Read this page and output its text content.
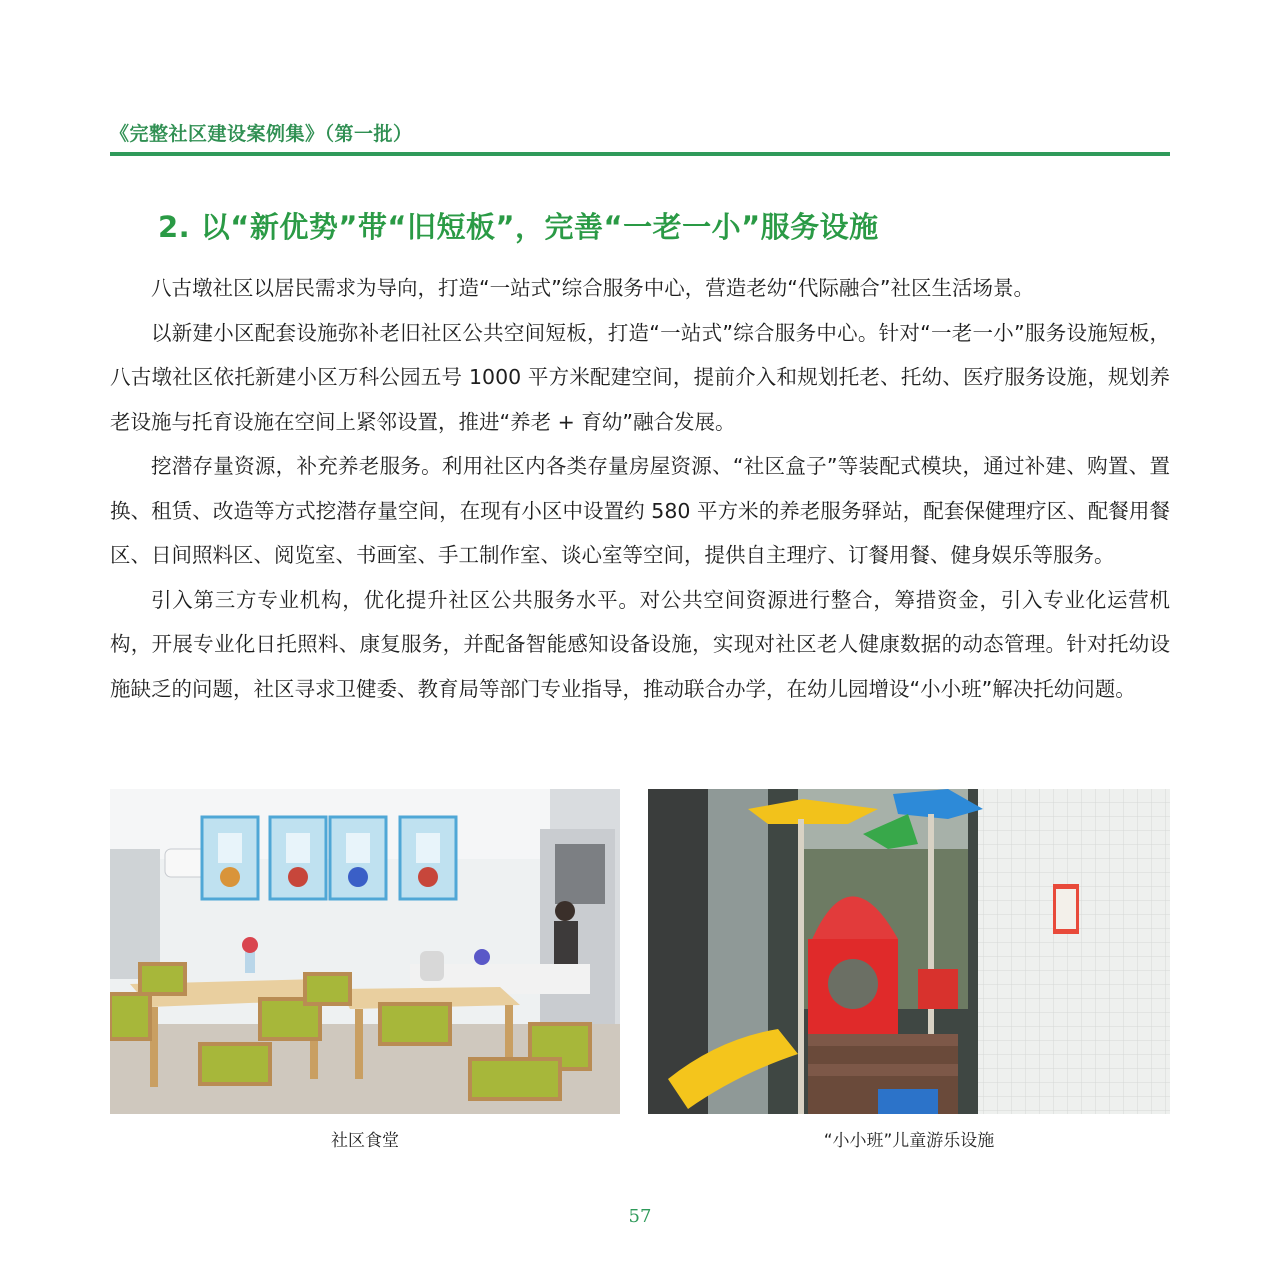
《完整社区建设案例集》（第一批）
2. 以“新优势”带“旧短板”，完善“一老一小”服务设施

八古墩社区以居民需求为导向，打造“一站式”综合服务中心，营造老幼“代际融合”社区生活场景。

以新建小区配套设施弥补老旧社区公共空间短板，打造“一站式”综合服务中心。针对“一老一小”服务设施短板，八古墩社区依托新建小区万科公园五号 1000 平方米配建空间，提前介入和规划托老、托幼、医疗服务设施，规划养老设施与托育设施在空间上紧邻设置，推进“养老 + 育幼”融合发展。

挖潜存量资源，补充养老服务。利用社区内各类存量房屋资源、“社区盒子”等装配式模块，通过补建、购置、置换、租赁、改造等方式挖潜存量空间，在现有小区中设置约 580 平方米的养老服务驿站，配套保健理疗区、配餐用餐区、日间照料区、阅览室、书画室、手工制作室、谈心室等空间，提供自主理疗、订餐用餐、健身娱乐等服务。

引入第三方专业机构，优化提升社区公共服务水平。对公共空间资源进行整合，筹措资金，引入专业化运营机构，开展专业化日托照料、康复服务，并配备智能感知设备设施，实现对社区老人健康数据的动态管理。针对托幼设施缺乏的问题，社区寻求卫健委、教育局等部门专业指导，推动联合办学，在幼儿园增设“小小班”解决托幼问题。

社区食堂	“小小班”儿童游乐设施
57
